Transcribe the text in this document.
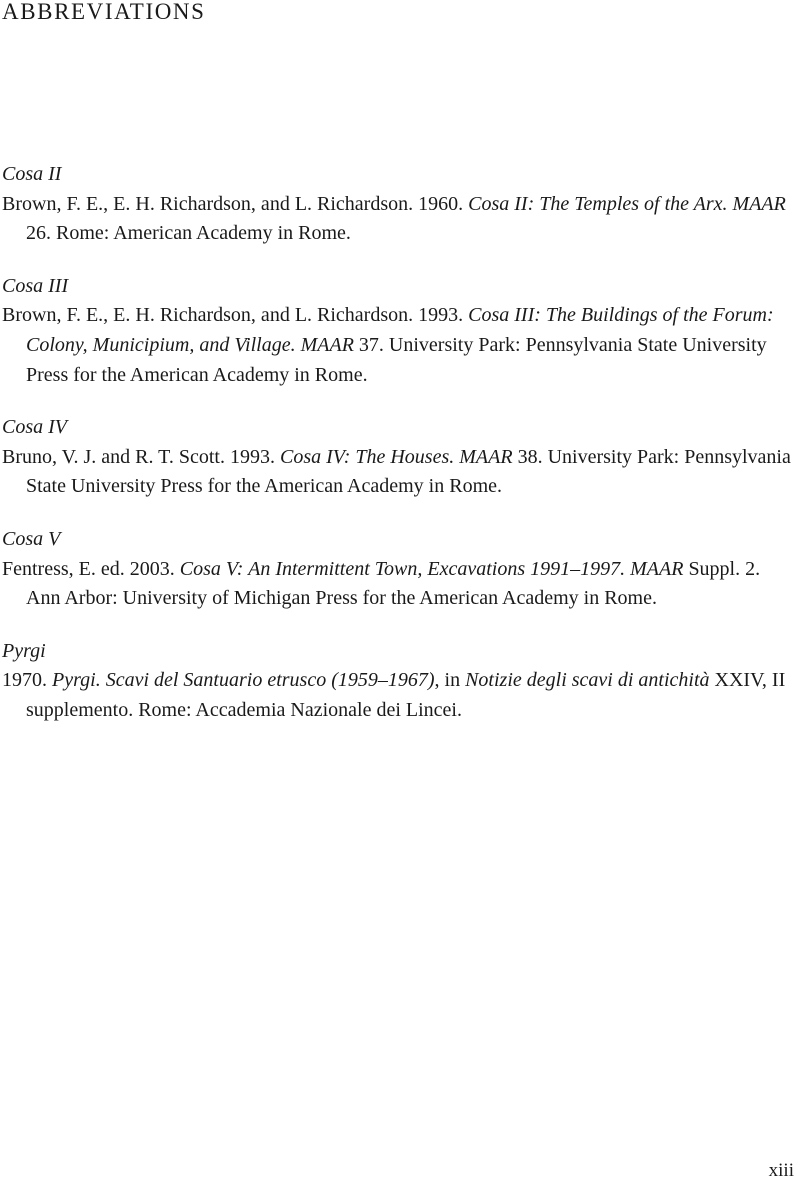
ABBREVIATIONS

Cosa II

Brown, F. E., E. H. Richardson, and L. Richardson. 1960. Cosa II: The Temples of the Arx. MAAR 26. Rome: American Academy in Rome.

Cosa III

Brown, F. E., E. H. Richardson, and L. Richardson. 1993. Cosa III: The Buildings of the Forum: Colony, Municipium, and Village. MAAR 37. University Park: Pennsylvania State University Press for the American Academy in Rome.

Cosa IV

Bruno, V. J. and R. T. Scott. 1993. Cosa IV: The Houses. MAAR 38. University Park: Pennsylvania State University Press for the American Academy in Rome.

Cosa V

Fentress, E. ed. 2003. Cosa V: An Intermittent Town, Excavations 1991–1997. MAAR Suppl. 2. Ann Arbor: University of Michigan Press for the American Academy in Rome.

Pyrgi

1970. Pyrgi. Scavi del Santuario etrusco (1959–1967), in Notizie degli scavi di antichità XXIV, II supplemento. Rome: Accademia Nazionale dei Lincei.

xiii
